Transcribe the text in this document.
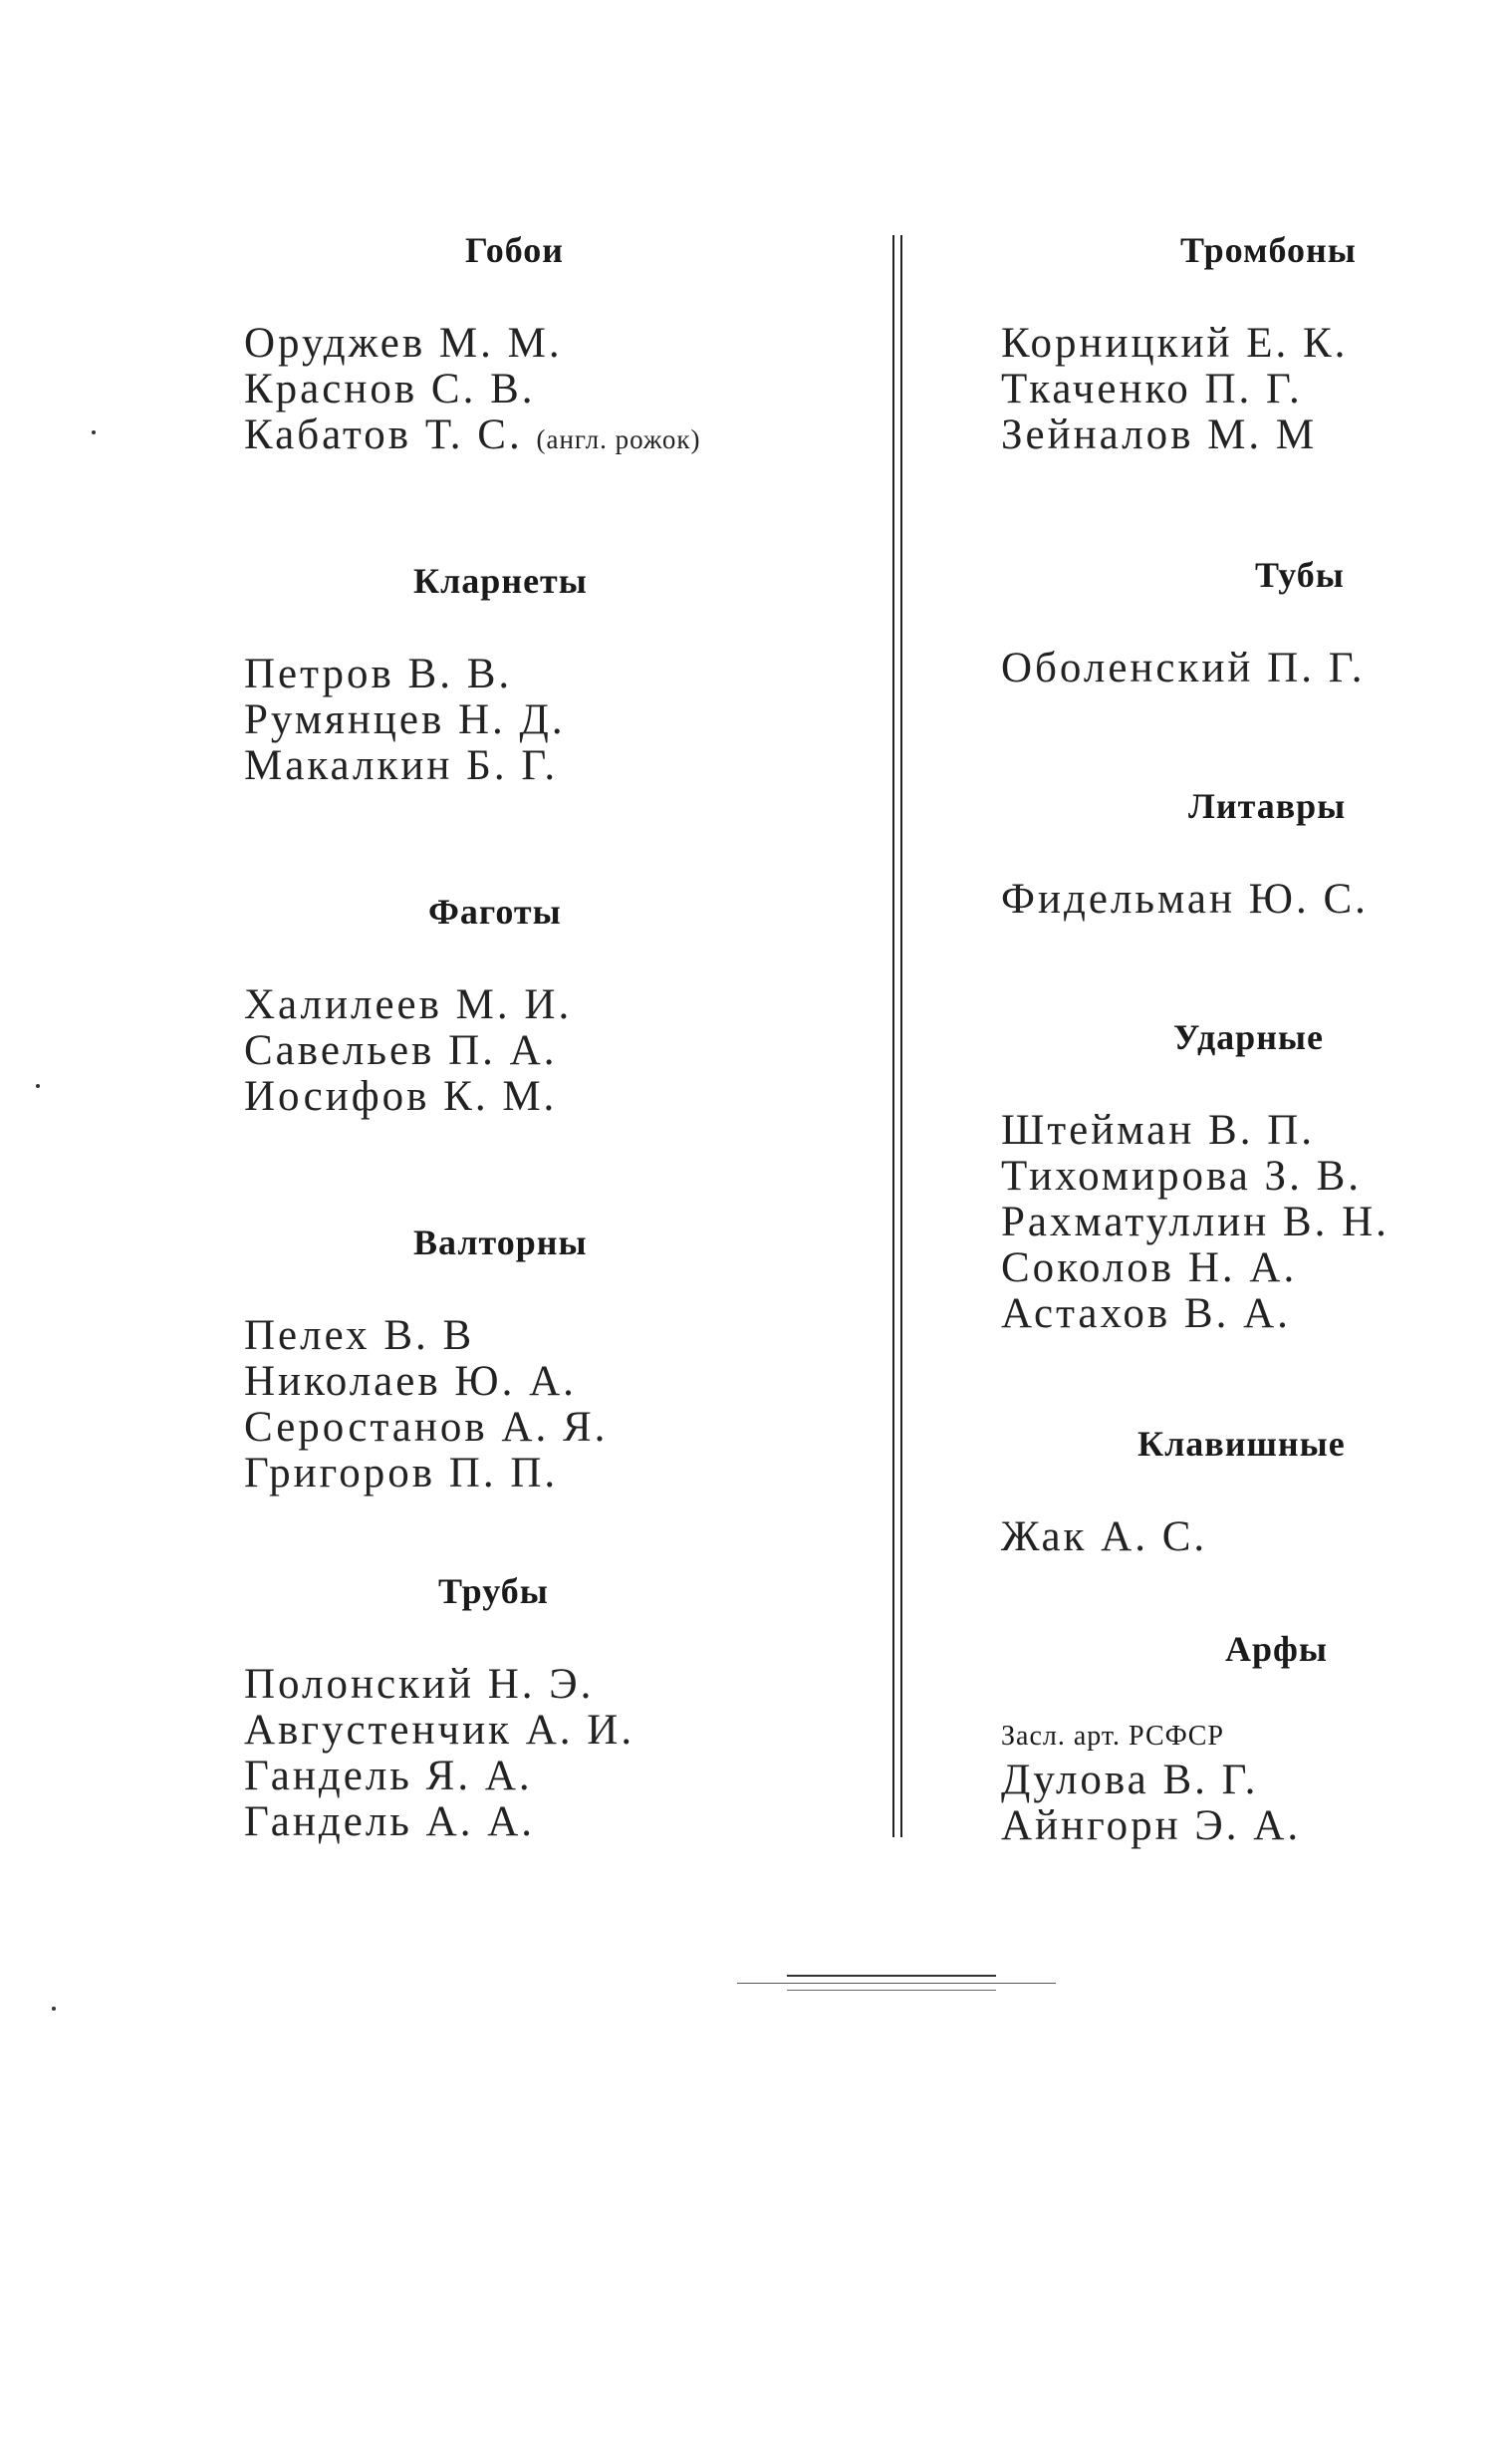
Гобои
Оруджев М. М.
Краснов С. В.
Кабатов Т. С. (англ. рожок)
Кларнеты
Петров В. В.
Румянцев Н. Д.
Макалкин Б. Г.
Фаготы
Халилеев М. И.
Савельев П. А.
Иосифов К. М.
Валторны
Пелех В. В
Николаев Ю. А.
Серостанов А. Я.
Григоров П. П.
Трубы
Полонский Н. Э.
Августенчик А. И.
Гандель Я. А.
Гандель А. А.
Тромбоны
Корницкий Е. К.
Ткаченко П. Г.
Зейналов М. М
Тубы
Оболенский П. Г.
Литавры
Фидельман Ю. С.
Ударные
Штейман В. П.
Тихомирова З. В.
Рахматуллин В. Н.
Соколов Н. А.
Астахов В. А.
Клавишные
Жак А. С.
Арфы
Засл. арт. РСФСР
Дулова В. Г.
Айнгорн Э. А.
